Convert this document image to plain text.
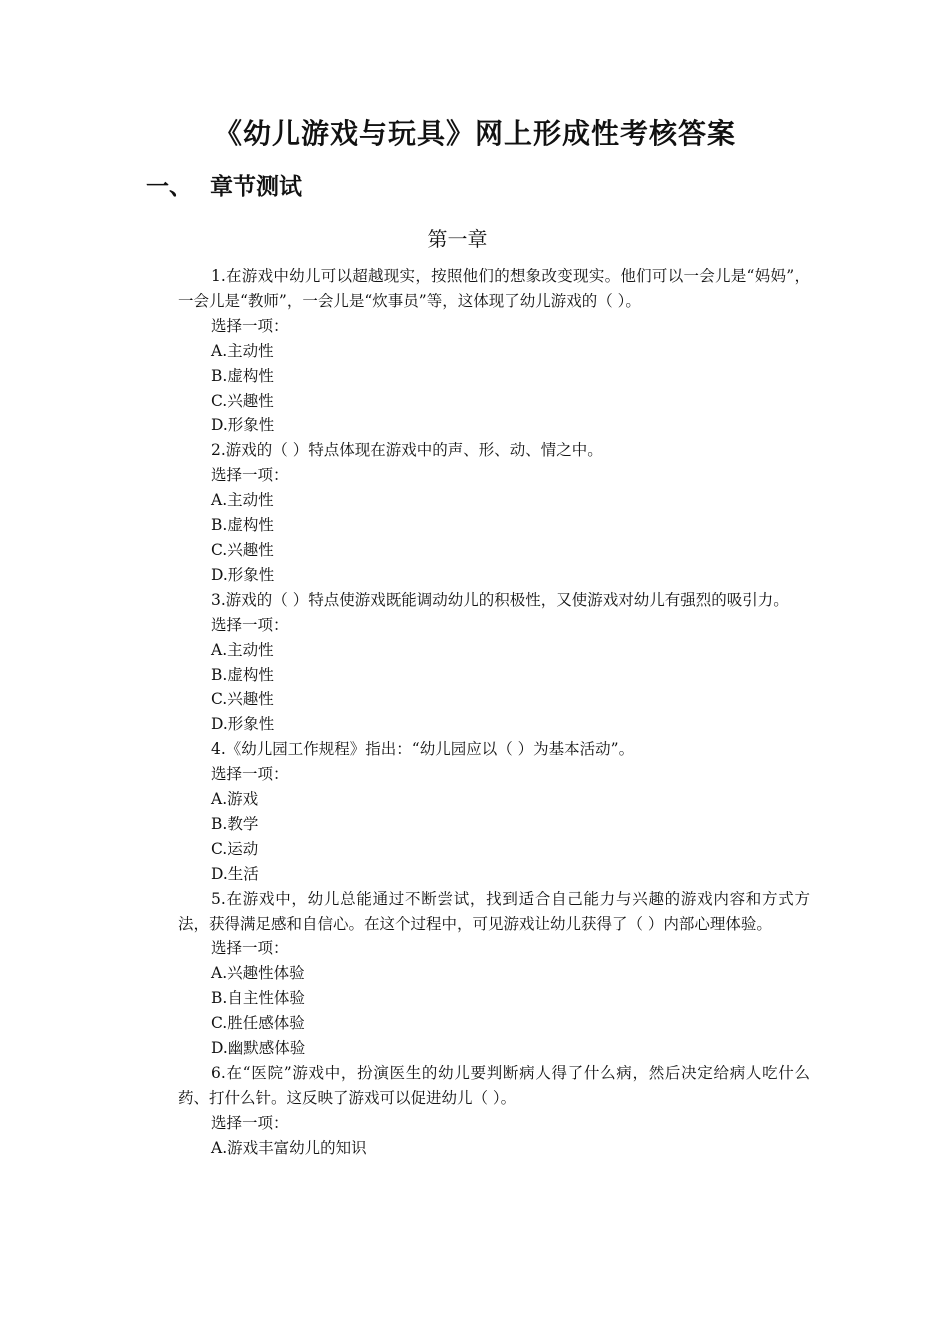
《幼儿游戏与玩具》网上形成性考核答案
一、 章节测试
第一章

1.在游戏中幼儿可以超越现实，按照他们的想象改变现实。他们可以一会儿是“妈妈”，一会儿是“教师”，一会儿是“炊事员”等，这体现了幼儿游戏的（ ）。

选择一项：

A.主动性

B.虚构性

C.兴趣性

D.形象性

2.游戏的（ ）特点体现在游戏中的声、形、动、情之中。

选择一项：

A.主动性

B.虚构性

C.兴趣性

D.形象性

3.游戏的（ ）特点使游戏既能调动幼儿的积极性，又使游戏对幼儿有强烈的吸引力。

选择一项：

A.主动性

B.虚构性

C.兴趣性

D.形象性

4.《幼儿园工作规程》指出：“幼儿园应以（ ）为基本活动”。

选择一项：

A.游戏

B.教学

C.运动

D.生活

5.在游戏中，幼儿总能通过不断尝试，找到适合自己能力与兴趣的游戏内容和方式方法，获得满足感和自信心。在这个过程中，可见游戏让幼儿获得了（ ）内部心理体验。

选择一项：

A.兴趣性体验

B.自主性体验

C.胜任感体验

D.幽默感体验

6.在“医院”游戏中，扮演医生的幼儿要判断病人得了什么病，然后决定给病人吃什么药、打什么针。这反映了游戏可以促进幼儿（ ）。

选择一项：

A.游戏丰富幼儿的知识
